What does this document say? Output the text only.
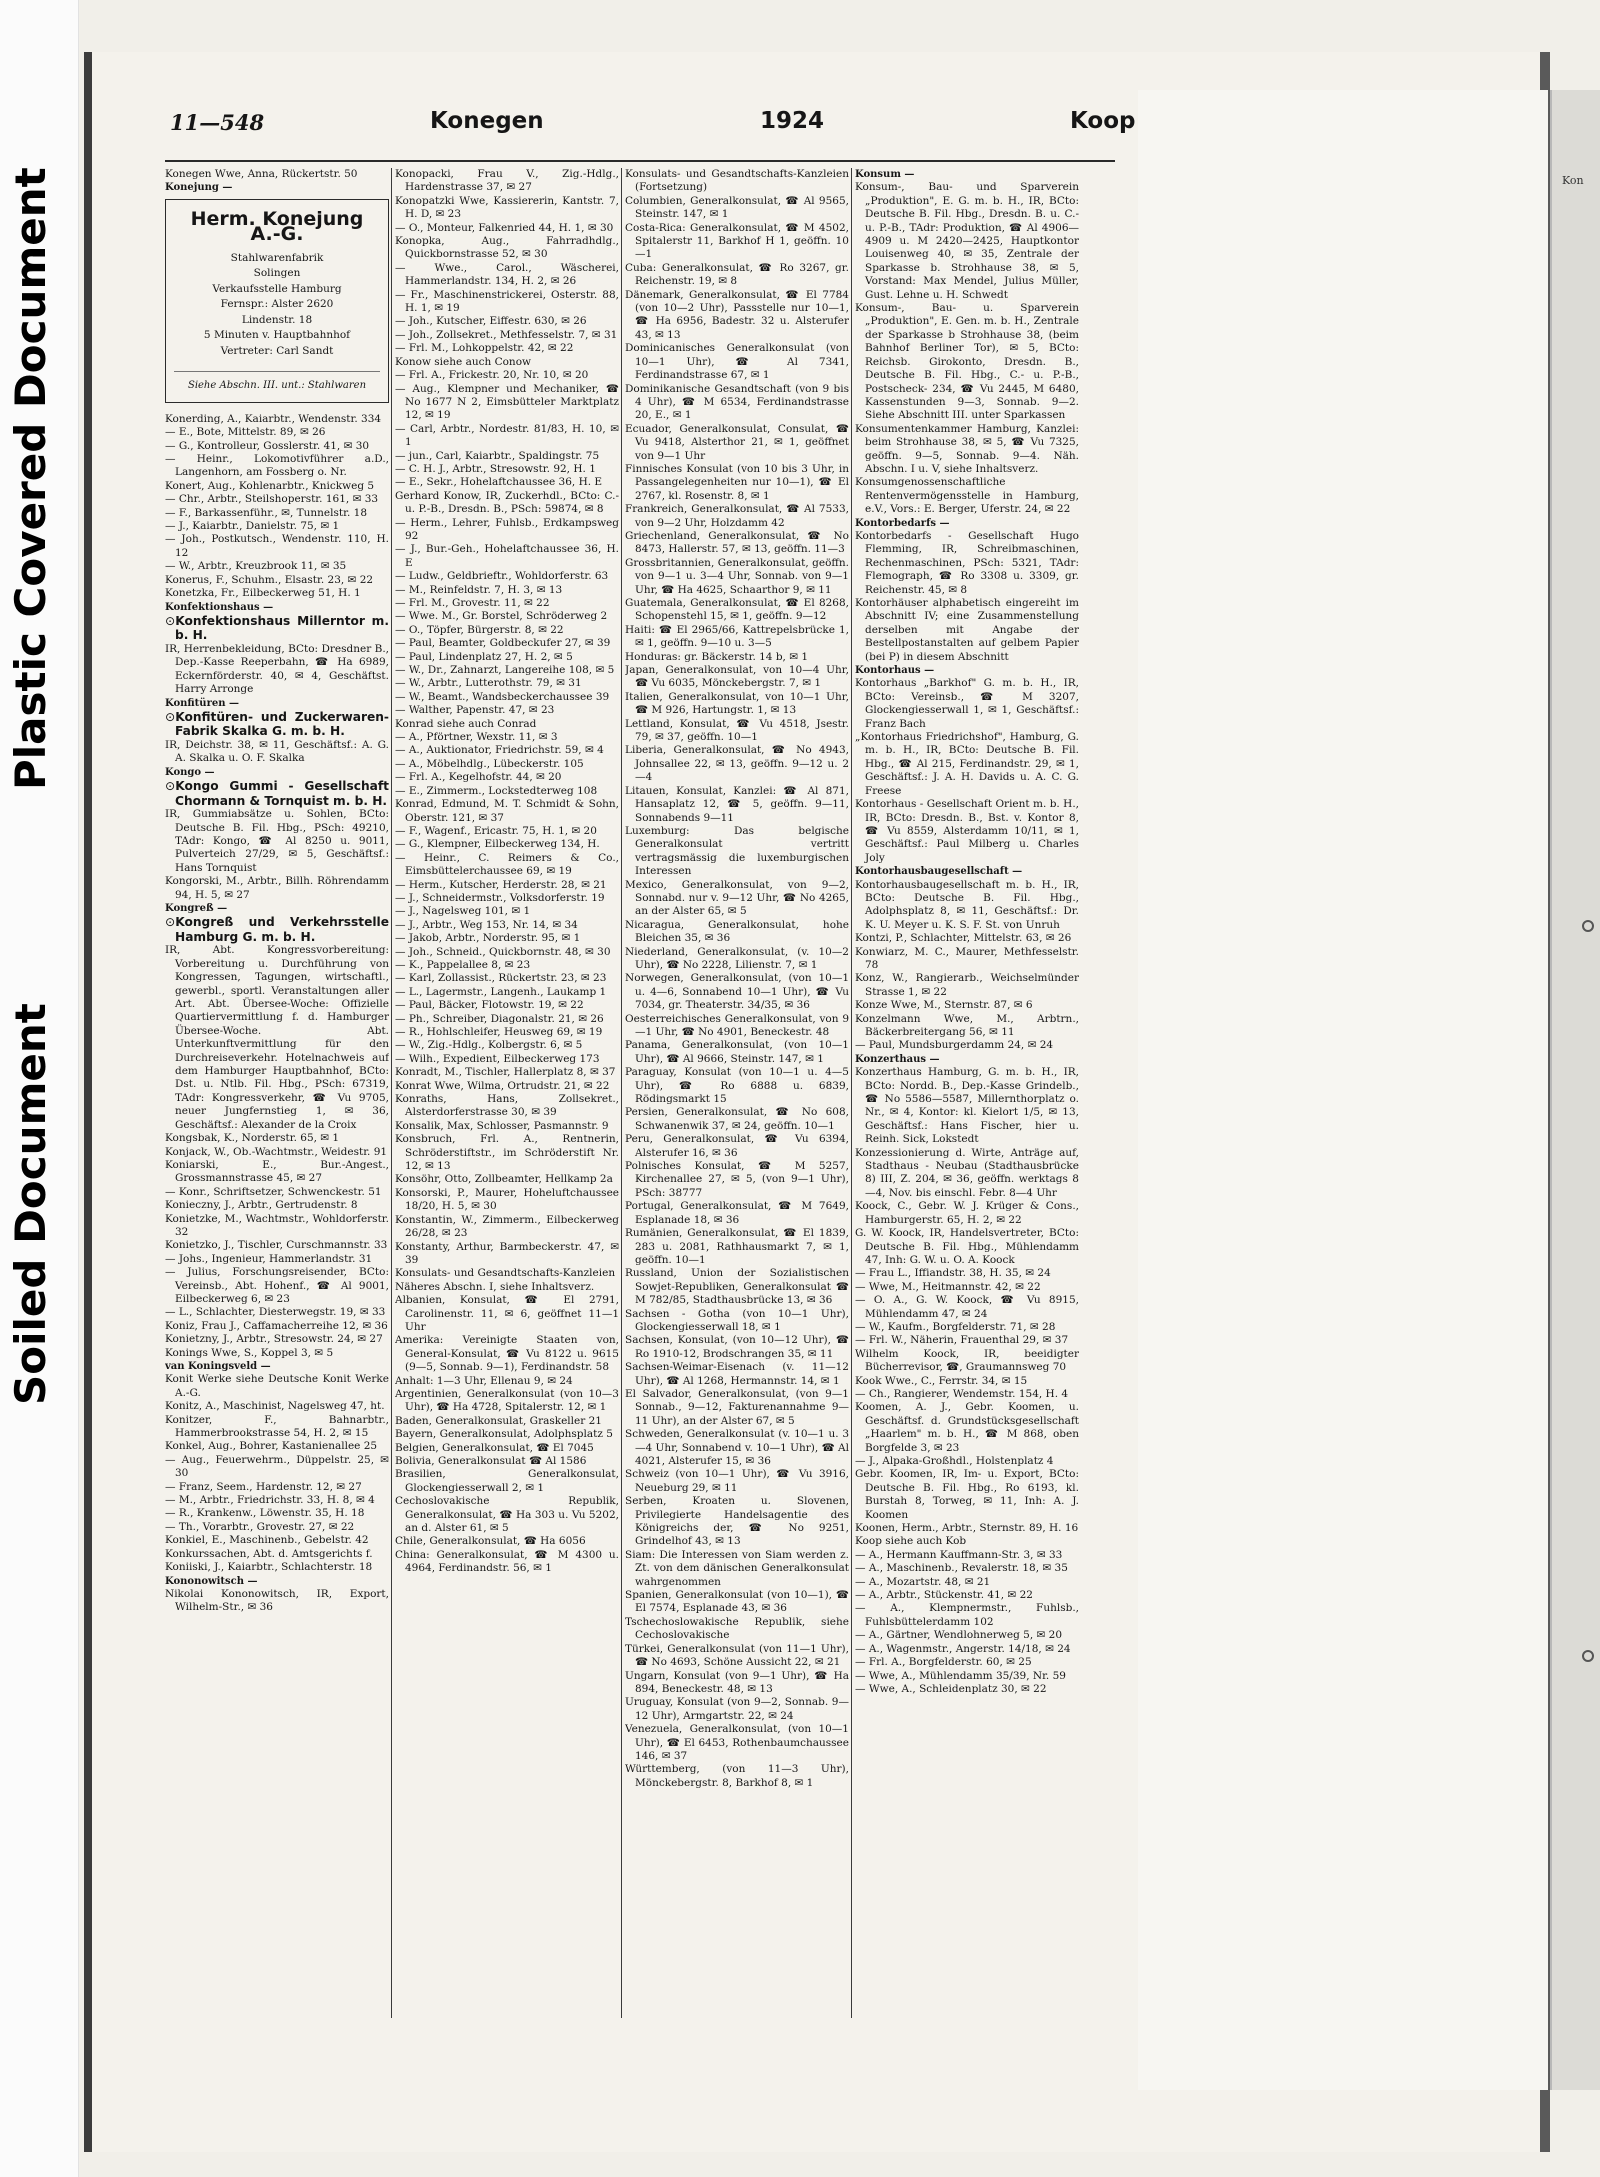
Plastic Covered Document
Soiled Document
Kon
11—548	Konegen	1924	Koop

Konegen Wwe, Anna, Rückertstr. 50

Konejung —

Herm. Konejung A.-G.
Stahlwarenfabrik
Solingen
Verkaufsstelle Hamburg
Fernspr.: Alster 2620
Lindenstr. 18
5 Minuten v. Hauptbahnhof
Vertreter: Carl Sandt
Siehe Abschn. III. unt.: Stahlwaren

Konerding, A., Kaiarbtr., Wendenstr. 334

— E., Bote, Mittelstr. 89, ✉ 26

— G., Kontrolleur, Gosslerstr. 41, ✉ 30

— Heinr., Lokomotivführer a.D., Langenhorn, am Fossberg o. Nr.

Konert, Aug., Kohlenarbtr., Knickweg 5

— Chr., Arbtr., Steilshoperstr. 161, ✉ 33

— F., Barkassenführ., ✉, Tunnelstr. 18

— J., Kaiarbtr., Danielstr. 75, ✉ 1

— Joh., Postkutsch., Wendenstr. 110, H. 12

— W., Arbtr., Kreuzbrook 11, ✉ 35

Konerus, F., Schuhm., Elsastr. 23, ✉ 22

Konetzka, Fr., Eilbeckerweg 51, H. 1

Konfektionshaus —

⊙ Konfektionshaus Millerntor m. b. H.

IR, Herrenbekleidung, BCto: Dresdner B., Dep.-Kasse Reeperbahn, ☎ Ha 6989, Eckernförderstr. 40, ✉ 4, Geschäftst. Harry Arronge

Konfitüren —

⊙ Konfitüren- und Zuckerwaren-Fabrik Skalka G. m. b. H.

IR, Deichstr. 38, ✉ 11, Geschäftsf.: A. G. A. Skalka u. O. F. Skalka

Kongo —

⊙ Kongo Gummi - Gesellschaft Chormann & Tornquist m. b. H.

IR, Gummiabsätze u. Sohlen, BCto: Deutsche B. Fil. Hbg., PSch: 49210, TAdr: Kongo, ☎ Al 8250 u. 9011, Pulverteich 27/29, ✉ 5, Geschäftsf.: Hans Tornquist

Kongorski, M., Arbtr., Billh. Röhrendamm 94, H. 5, ✉ 27

Kongreß —

⊙ Kongreß und Verkehrsstelle Hamburg G. m. b. H.

IR, Abt. Kongressvorbereitung: Vorbereitung u. Durchführung von Kongressen, Tagungen, wirtschaftl., gewerbl., sportl. Veranstaltungen aller Art. Abt. Übersee-Woche: Offizielle Quartiervermittlung f. d. Hamburger Übersee-Woche. Abt. Unterkunftvermittlung für den Durchreiseverkehr. Hotelnachweis auf dem Hamburger Hauptbahnhof, BCto: Dst. u. Ntlb. Fil. Hbg., PSch: 67319, TAdr: Kongressverkehr, ☎ Vu 9705, neuer Jungfernstieg 1, ✉ 36, Geschäftsf.: Alexander de la Croix

Kongsbak, K., Norderstr. 65, ✉ 1

Konjack, W., Ob.-Wachtmstr., Weidestr. 91

Koniarski, E., Bur.-Angest., Grossmannstrasse 45, ✉ 27

— Konr., Schriftsetzer, Schwenckestr. 51

Konieczny, J., Arbtr., Gertrudenstr. 8

Konietzke, M., Wachtmstr., Wohldorferstr. 32

Konietzko, J., Tischler, Curschmannstr. 33

— Johs., Ingenieur, Hammerlandstr. 31

— Julius, Forschungsreisender, BCto: Vereinsb., Abt. Hohenf., ☎ Al 9001, Eilbeckerweg 6, ✉ 23

— L., Schlachter, Diesterwegstr. 19, ✉ 33

Koniz, Frau J., Caffamacherreihe 12, ✉ 36

Konietzny, J., Arbtr., Stresowstr. 24, ✉ 27

Konings Wwe, S., Koppel 3, ✉ 5

van Koningsveld —

Konit Werke siehe Deutsche Konit Werke A.-G.

Konitz, A., Maschinist, Nagelsweg 47, ht.

Konitzer, F., Bahnarbtr., Hammerbrookstrasse 54, H. 2, ✉ 15

Konkel, Aug., Bohrer, Kastanienallee 25

— Aug., Feuerwehrm., Düppelstr. 25, ✉ 30

— Franz, Seem., Hardenstr. 12, ✉ 27

— M., Arbtr., Friedrichstr. 33, H. 8, ✉ 4

— R., Krankenw., Löwenstr. 35, H. 18

— Th., Vorarbtr., Grovestr. 27, ✉ 22

Konkiel, E., Maschinenb., Gebelstr. 42

Konkurssachen, Abt. d. Amtsgerichts f.

Koniiski, J., Kaiarbtr., Schlachterstr. 18

Kononowitsch —

Nikolai Kononowitsch, IR, Export, Wilhelm-Str., ✉ 36

Konopacki, Frau V., Zig.-Hdlg., Hardenstrasse 37, ✉ 27

Konopatzki Wwe, Kassiererin, Kantstr. 7, H. D, ✉ 23

— O., Monteur, Falkenried 44, H. 1, ✉ 30

Konopka, Aug., Fahrradhdlg., Quickbornstrasse 52, ✉ 30

— Wwe., Carol., Wäscherei, Hammerlandstr. 134, H. 2, ✉ 26

— Fr., Maschinenstrickerei, Osterstr. 88, H. 1, ✉ 19

— Joh., Kutscher, Eiffestr. 630, ✉ 26

— Joh., Zollsekret., Methfesselstr. 7, ✉ 31

— Frl. M., Lohkoppelstr. 42, ✉ 22

Konow siehe auch Conow

— Frl. A., Frickestr. 20, Nr. 10, ✉ 20

— Aug., Klempner und Mechaniker, ☎ No 1677 N 2, Eimsbütteler Marktplatz 12, ✉ 19

— Carl, Arbtr., Nordestr. 81/83, H. 10, ✉ 1

— jun., Carl, Kaiarbtr., Spaldingstr. 75

— C. H. J., Arbtr., Stresowstr. 92, H. 1

— E., Sekr., Hohelaftchaussee 36, H. E

Gerhard Konow, IR, Zuckerhdl., BCto: C.- u. P.-B., Dresdn. B., PSch: 59874, ✉ 8

— Herm., Lehrer, Fuhlsb., Erdkampsweg 92

— J., Bur.-Geh., Hohelaftchaussee 36, H. E

— Ludw., Geldbrieftr., Wohldorferstr. 63

— M., Reinfeldstr. 7, H. 3, ✉ 13

— Frl. M., Grovestr. 11, ✉ 22

— Wwe. M., Gr. Borstel, Schröderweg 2

— O., Töpfer, Bürgerstr. 8, ✉ 22

— Paul, Beamter, Goldbeckufer 27, ✉ 39

— Paul, Lindenplatz 27, H. 2, ✉ 5

— W., Dr., Zahnarzt, Langereihe 108, ✉ 5

— W., Arbtr., Lutterothstr. 79, ✉ 31

— W., Beamt., Wandsbeckerchaussee 39

— Walther, Papenstr. 47, ✉ 23

Konrad siehe auch Conrad

— A., Pförtner, Wexstr. 11, ✉ 3

— A., Auktionator, Friedrichstr. 59, ✉ 4

— A., Möbelhdlg., Lübeckerstr. 105

— Frl. A., Kegelhofstr. 44, ✉ 20

— E., Zimmerm., Lockstedterweg 108

Konrad, Edmund, M. T. Schmidt & Sohn, Oberstr. 121, ✉ 37

— F., Wagenf., Ericastr. 75, H. 1, ✉ 20

— G., Klempner, Eilbeckerweg 134, H.

— Heinr., C. Reimers & Co., Eimsbüttelerchaussee 69, ✉ 19

— Herm., Kutscher, Herderstr. 28, ✉ 21

— J., Schneidermstr., Volksdorferstr. 19

— J., Nagelsweg 101, ✉ 1

— J., Arbtr., Weg 153, Nr. 14, ✉ 34

— Jakob, Arbtr., Norderstr. 95, ✉ 1

— Joh., Schneid., Quickbornstr. 48, ✉ 30

— K., Pappelallee 8, ✉ 23

— Karl, Zollassist., Rückertstr. 23, ✉ 23

— L., Lagermstr., Langenh., Laukamp 1

— Paul, Bäcker, Flotowstr. 19, ✉ 22

— Ph., Schreiber, Diagonalstr. 21, ✉ 26

— R., Hohlschleifer, Heusweg 69, ✉ 19

— W., Zig.-Hdlg., Kolbergstr. 6, ✉ 5

— Wilh., Expedient, Eilbeckerweg 173

Konradt, M., Tischler, Hallerplatz 8, ✉ 37

Konrat Wwe, Wilma, Ortrudstr. 21, ✉ 22

Konraths, Hans, Zollsekret., Alsterdorferstrasse 30, ✉ 39

Konsalik, Max, Schlosser, Pasmannstr. 9

Konsbruch, Frl. A., Rentnerin, Schröderstiftstr., im Schröderstift Nr. 12, ✉ 13

Konsöhr, Otto, Zollbeamter, Hellkamp 2a

Konsorski, P., Maurer, Hoheluftchaussee 18/20, H. 5, ✉ 30

Konstantin, W., Zimmerm., Eilbeckerweg 26/28, ✉ 23

Konstanty, Arthur, Barmbeckerstr. 47, ✉ 39

Konsulats- und Gesandtschafts-Kanzleien

Näheres Abschn. I, siehe Inhaltsverz.

Albanien, Konsulat, ☎ El 2791, Carolinenstr. 11, ✉ 6, geöffnet 11—1 Uhr

Amerika: Vereinigte Staaten von, General-Konsulat, ☎ Vu 8122 u. 9615 (9—5, Sonnab. 9—1), Ferdinandstr. 58

Anhalt: 1—3 Uhr, Ellenau 9, ✉ 24

Argentinien, Generalkonsulat (von 10—3 Uhr), ☎ Ha 4728, Spitalerstr. 12, ✉ 1

Baden, Generalkonsulat, Graskeller 21

Bayern, Generalkonsulat, Adolphsplatz 5

Belgien, Generalkonsulat, ☎ El 7045

Bolivia, Generalkonsulat ☎ Al 1586

Brasilien, Generalkonsulat, Glockengiesserwall 2, ✉ 1

Cechoslovakische Republik, Generalkonsulat, ☎ Ha 303 u. Vu 5202, an d. Alster 61, ✉ 5

Chile, Generalkonsulat, ☎ Ha 6056

China: Generalkonsulat, ☎ M 4300 u. 4964, Ferdinandstr. 56, ✉ 1

Konsulats- und Gesandtschafts-Kanzleien (Fortsetzung)

Columbien, Generalkonsulat, ☎ Al 9565, Steinstr. 147, ✉ 1

Costa-Rica: Generalkonsulat, ☎ M 4502, Spitalerstr 11, Barkhof H 1, geöffn. 10—1

Cuba: Generalkonsulat, ☎ Ro 3267, gr. Reichenstr. 19, ✉ 8

Dänemark, Generalkonsulat, ☎ El 7784 (von 10—2 Uhr), Passstelle nur 10—1, ☎ Ha 6956, Badestr. 32 u. Alsterufer 43, ✉ 13

Dominicanisches Generalkonsulat (von 10—1 Uhr), ☎ Al 7341, Ferdinandstrasse 67, ✉ 1

Dominikanische Gesandtschaft (von 9 bis 4 Uhr), ☎ M 6534, Ferdinandstrasse 20, E., ✉ 1

Ecuador, Generalkonsulat, Consulat, ☎ Vu 9418, Alsterthor 21, ✉ 1, geöffnet von 9—1 Uhr

Finnisches Konsulat (von 10 bis 3 Uhr, in Passangelegenheiten nur 10—1), ☎ El 2767, kl. Rosenstr. 8, ✉ 1

Frankreich, Generalkonsulat, ☎ Al 7533, von 9—2 Uhr, Holzdamm 42

Griechenland, Generalkonsulat, ☎ No 8473, Hallerstr. 57, ✉ 13, geöffn. 11—3

Grossbritannien, Generalkonsulat, geöffn. von 9—1 u. 3—4 Uhr, Sonnab. von 9—1 Uhr, ☎ Ha 4625, Schaarthor 9, ✉ 11

Guatemala, Generalkonsulat, ☎ El 8268, Schopenstehl 15, ✉ 1, geöffn. 9—12

Haiti: ☎ El 2965/66, Kattrepelsbrücke 1, ✉ 1, geöffn. 9—10 u. 3—5

Honduras: gr. Bäckerstr. 14 b, ✉ 1

Japan, Generalkonsulat, von 10—4 Uhr, ☎ Vu 6035, Mönckebergstr. 7, ✉ 1

Italien, Generalkonsulat, von 10—1 Uhr, ☎ M 926, Hartungstr. 1, ✉ 13

Lettland, Konsulat, ☎ Vu 4518, Jsestr. 79, ✉ 37, geöffn. 10—1

Liberia, Generalkonsulat, ☎ No 4943, Johnsallee 22, ✉ 13, geöffn. 9—12 u. 2—4

Litauen, Konsulat, Kanzlei: ☎ Al 871, Hansaplatz 12, ☎ 5, geöffn. 9—11, Sonnabends 9—11

Luxemburg: Das belgische Generalkonsulat vertritt vertragsmässig die luxemburgischen Interessen

Mexico, Generalkonsulat, von 9—2, Sonnabd. nur v. 9—12 Uhr, ☎ No 4265, an der Alster 65, ✉ 5

Nicaragua, Generalkonsulat, hohe Bleichen 35, ✉ 36

Niederland, Generalkonsulat, (v. 10—2 Uhr), ☎ No 2228, Lilienstr. 7, ✉ 1

Norwegen, Generalkonsulat, (von 10—1 u. 4—6, Sonnabend 10—1 Uhr), ☎ Vu 7034, gr. Theaterstr. 34/35, ✉ 36

Oesterreichisches Generalkonsulat, von 9—1 Uhr, ☎ No 4901, Beneckestr. 48

Panama, Generalkonsulat, (von 10—1 Uhr), ☎ Al 9666, Steinstr. 147, ✉ 1

Paraguay, Konsulat (von 10—1 u. 4—5 Uhr), ☎ Ro 6888 u. 6839, Rödingsmarkt 15

Persien, Generalkonsulat, ☎ No 608, Schwanenwik 37, ✉ 24, geöffn. 10—1

Peru, Generalkonsulat, ☎ Vu 6394, Alsterufer 16, ✉ 36

Polnisches Konsulat, ☎ M 5257, Kirchenallee 27, ✉ 5, (von 9—1 Uhr), PSch: 38777

Portugal, Generalkonsulat, ☎ M 7649, Esplanade 18, ✉ 36

Rumänien, Generalkonsulat, ☎ El 1839, 283 u. 2081, Rathhausmarkt 7, ✉ 1, geöffn. 10—1

Russland, Union der Sozialistischen Sowjet-Republiken, Generalkonsulat ☎ M 782/85, Stadthausbrücke 13, ✉ 36

Sachsen - Gotha (von 10—1 Uhr), Glockengiesserwall 18, ✉ 1

Sachsen, Konsulat, (von 10—12 Uhr), ☎ Ro 1910-12, Brodschrangen 35, ✉ 11

Sachsen-Weimar-Eisenach (v. 11—12 Uhr), ☎ Al 1268, Hermannstr. 14, ✉ 1

El Salvador, Generalkonsulat, (von 9—1 Sonnab., 9—12, Fakturenannahme 9—11 Uhr), an der Alster 67, ✉ 5

Schweden, Generalkonsulat (v. 10—1 u. 3—4 Uhr, Sonnabend v. 10—1 Uhr), ☎ Al 4021, Alsterufer 15, ✉ 36

Schweiz (von 10—1 Uhr), ☎ Vu 3916, Neueburg 29, ✉ 11

Serben, Kroaten u. Slovenen, Privilegierte Handelsagentie des Königreichs der, ☎ No 9251, Grindelhof 43, ✉ 13

Siam: Die Interessen von Siam werden z. Zt. von dem dänischen Generalkonsulat wahrgenommen

Spanien, Generalkonsulat (von 10—1), ☎ El 7574, Esplanade 43, ✉ 36

Tschechoslowakische Republik, siehe Cechoslovakische

Türkei, Generalkonsulat (von 11—1 Uhr), ☎ No 4693, Schöne Aussicht 22, ✉ 21

Ungarn, Konsulat (von 9—1 Uhr), ☎ Ha 894, Beneckestr. 48, ✉ 13

Uruguay, Konsulat (von 9—2, Sonnab. 9—12 Uhr), Armgartstr. 22, ✉ 24

Venezuela, Generalkonsulat, (von 10—1 Uhr), ☎ El 6453, Rothenbaumchaussee 146, ✉ 37

Württemberg, (von 11—3 Uhr), Mönckebergstr. 8, Barkhof 8, ✉ 1

Konsum —

Konsum-, Bau- und Sparverein „Produktion", E. G. m. b. H., IR, BCto: Deutsche B. Fil. Hbg., Dresdn. B. u. C.- u. P.-B., TAdr: Produktion, ☎ Al 4906—4909 u. M 2420—2425, Hauptkontor Louisenweg 40, ✉ 35, Zentrale der Sparkasse b. Strohhause 38, ✉ 5, Vorstand: Max Mendel, Julius Müller, Gust. Lehne u. H. Schwedt

Konsum-, Bau- u. Sparverein „Produktion", E. Gen. m. b. H., Zentrale der Sparkasse b Strohhause 38, (beim Bahnhof Berliner Tor), ✉ 5, BCto: Reichsb. Girokonto, Dresdn. B., Deutsche B. Fil. Hbg., C.- u. P.-B., Postscheck- 234, ☎ Vu 2445, M 6480, Kassenstunden 9—3, Sonnab. 9—2. Siehe Abschnitt III. unter Sparkassen

Konsumentenkammer Hamburg, Kanzlei: beim Strohhause 38, ✉ 5, ☎ Vu 7325, geöffn. 9—5, Sonnab. 9—4. Näh. Abschn. I u. V, siehe Inhaltsverz.

Konsumgenossenschaftliche Rentenvermögensstelle in Hamburg, e.V., Vors.: E. Berger, Uferstr. 24, ✉ 22

Kontorbedarfs —

Kontorbedarfs - Gesellschaft Hugo Flemming, IR, Schreibmaschinen, Rechenmaschinen, PSch: 5321, TAdr: Flemograph, ☎ Ro 3308 u. 3309, gr. Reichenstr. 45, ✉ 8

Kontorhäuser alphabetisch eingereiht im Abschnitt IV; eine Zusammenstellung derselben mit Angabe der Bestellpostanstalten auf gelbem Papier (bei P) in diesem Abschnitt

Kontorhaus —

Kontorhaus „Barkhof" G. m. b. H., IR, BCto: Vereinsb., ☎ M 3207, Glockengiesserwall 1, ✉ 1, Geschäftsf.: Franz Bach

„Kontorhaus Friedrichshof", Hamburg, G. m. b. H., IR, BCto: Deutsche B. Fil. Hbg., ☎ Al 215, Ferdinandstr. 29, ✉ 1, Geschäftsf.: J. A. H. Davids u. A. C. G. Freese

Kontorhaus - Gesellschaft Orient m. b. H., IR, BCto: Dresdn. B., Bst. v. Kontor 8, ☎ Vu 8559, Alsterdamm 10/11, ✉ 1, Geschäftsf.: Paul Milberg u. Charles Joly

Kontorhausbaugesellschaft —

Kontorhausbaugesellschaft m. b. H., IR, BCto: Deutsche B. Fil. Hbg., Adolphsplatz 8, ✉ 11, Geschäftsf.: Dr. K. U. Meyer u. K. S. F. St. von Unruh

Kontzi, P., Schlachter, Mittelstr. 63, ✉ 26

Konwiarz, M. C., Maurer, Methfesselstr. 78

Konz, W., Rangierarb., Weichselmünder Strasse 1, ✉ 22

Konze Wwe, M., Sternstr. 87, ✉ 6

Konzelmann Wwe, M., Arbtrn., Bäckerbreitergang 56, ✉ 11

— Paul, Mundsburgerdamm 24, ✉ 24

Konzerthaus —

Konzerthaus Hamburg, G. m. b. H., IR, BCto: Nordd. B., Dep.-Kasse Grindelb., ☎ No 5586—5587, Millernthorplatz o. Nr., ✉ 4, Kontor: kl. Kielort 1/5, ✉ 13, Geschäftsf.: Hans Fischer, hier u. Reinh. Sick, Lokstedt

Konzessionierung d. Wirte, Anträge auf, Stadthaus - Neubau (Stadthausbrücke 8) III, Z. 204, ✉ 36, geöffn. werktags 8—4, Nov. bis einschl. Febr. 8—4 Uhr

Koock, C., Gebr. W. J. Krüger & Cons., Hamburgerstr. 65, H. 2, ✉ 22

G. W. Koock, IR, Handelsvertreter, BCto: Deutsche B. Fil. Hbg., Mühlendamm 47, Inh: G. W. u. O. A. Koock

— Frau L., Iffiandstr. 38, H. 35, ✉ 24

— Wwe, M., Heitmannstr. 42, ✉ 22

— O. A., G. W. Koock, ☎ Vu 8915, Mühlendamm 47, ✉ 24

— W., Kaufm., Borgfelderstr. 71, ✉ 28

— Frl. W., Näherin, Frauenthal 29, ✉ 37

Wilhelm Koock, IR, beeidigter Bücherrevisor, ☎, Graumannsweg 70

Kook Wwe., C., Ferrstr. 34, ✉ 15

— Ch., Rangierer, Wendemstr. 154, H. 4

Koomen, A. J., Gebr. Koomen, u. Geschäftsf. d. Grundstücksgesellschaft „Haarlem" m. b. H., ☎ M 868, oben Borgfelde 3, ✉ 23

— J., Alpaka-Großhdl., Holstenplatz 4

Gebr. Koomen, IR, Im- u. Export, BCto: Deutsche B. Fil. Hbg., Ro 6193, kl. Burstah 8, Torweg, ✉ 11, Inh: A. J. Koomen

Koonen, Herm., Arbtr., Sternstr. 89, H. 16

Koop siehe auch Kob

— A., Hermann Kauffmann-Str. 3, ✉ 33

— A., Maschinenb., Revalerstr. 18, ✉ 35

— A., Mozartstr. 48, ✉ 21

— A., Arbtr., Stückenstr. 41, ✉ 22

— A., Klempnermstr., Fuhlsb., Fuhlsbüttelerdamm 102

— A., Gärtner, Wendlohnerweg 5, ✉ 20

— A., Wagenmstr., Angerstr. 14/18, ✉ 24

— Frl. A., Borgfelderstr. 60, ✉ 25

— Wwe, A., Mühlendamm 35/39, Nr. 59

— Wwe, A., Schleidenplatz 30, ✉ 22
